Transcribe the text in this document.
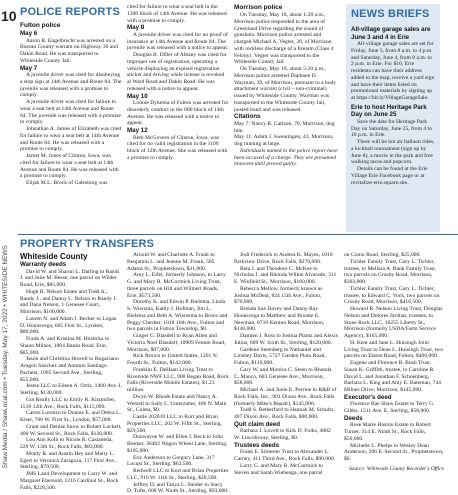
10
Shaw Media / ShawLocal.com • Tuesday, May 17, 2022 • WHITESIDE NEWS
POLICE REPORTS

Fulton police

May 6

Aaron R. Engelbrecht was arrested on a Bureau County warrant on Highway 30 and Dakin Road. He was transported to Whiteside County Jail.

May 7

A juvenile driver was cited for disobeying a stop sign at 14th Avenue and Route 84. The juvenile was released with a promise to comply.

A juvenile driver was cited for failure to wear a seat belt at 14th Avenue and Route 84. The juvenile was released with a promise to comply.

Johnathan A. James of Elizabeth was cited for failure to wear a seat belt at 14th Avenue and Route 84. He was released with a promise to comply.

Jarnet M. Jones of Clinton, Iowa, was cited for failure to wear a seat belt at 14th Avenue and Route 84. He was released with a promise to comply.

Elijah M.L. Brock of Galesburg was

cited for failure to wear a seat belt in the 1300 block of 14th Avenue. He was released with a promise to comply.

May 8

A juvenile driver was cited for no proof of insurance at 14th Avenue and Route 84. The juvenile was released with a notice to appear.

Douglas B. Diller of Albany was cited for improper use of registration, operating a vehicle displaying an expired registration sticker and driving while license is revoked at Ward Road and Dakin Road. He was released with a notice to appear.

May 10

Lonnie Dykema of Fulton was arrested for disorderly conduct in the 800 block of 14th Avenue. He was released with a notice to appear.

May 12

Beth McGovern of Clinton, Iowa, was cited for no valid registration in the 1100 block of 12th Avenue. She was released with a promise to comply.

Morrison police

On Tuesday, May 10, about 1:28 a.m., Morrison police responded to the area of Greenland Drive regarding the sound of gunshots. Morrison police arrested and charged Michael A. Vegter, 28, of Morrison with reckless discharge of a firearm (Class 4 Felony). Vegter was transported to the Whiteside County Jail.

On Tuesday, May 10, about 5:20 p.m., Morrison police arrested Daphnee D. Wayman, 39, of Morrison, pursuant to a body attachment warrant (civil – non-criminal) issued by Whiteside County. Wayman was transported to the Whiteside County Jail, posted bond and was released.

Citations

May 7: Nancy R. Carlson, 70, Morrison, dog bite.

May 11: Adam J. Swearingen, 43, Morrison, dog running at large.

Individuals named in the police report have been accused of a charge. They are presumed innocent until proved guilty.

NEWS BRIEFS

All-village garage sales are June 3 and 4 in Erie

All-village garage sales are set for Friday, June 3, from 8 a.m. to 4 p.m. and Saturday, June 4, from 8 a.m. to 2 p.m. in Erie. For $10, Erie residents can have their address added to the map, receive a yard sign and have their items listed on promotional materials by signing up at https://bit.ly/VillageGarageSale.

Erie to host Heritage Park Day on June 25

Save the date for Heritage Park Day on Saturday, June 25, from 4 to 10 p.m. in Erie.

There will be hot air balloon rides, a kickball tournament (sign up by June 8), a movie in the park and free walking tacos and popcorn.

Details can be found at the Erie Village Erie Facebook page or at revitalize-erie.square.site.

PROPERTY TRANSFERS

Whiteside County

Warranty deeds

David W. and Sharon L. Darling to Randi J. and Julie M. Besse, one parcel on Wilder Road, Erie, $85,000.

Hugh R. Nelson Estate and Todd A., Randy J., and Danny L. Nelson to Randy J. and Dana Nelson, 1 Genesee Court, Morrison, $160,000.

Lauren N. and Adam J. Becker to Logan D. Hounsvega, 605 First St., Lyndon, $80,000.

Frank A. and Kristina M. Hosticka to Shaun Milnes, 1884 Banks Road, Erie, $85,000.

Jason and Christina Howell to Rogaciano Aragon Sanchez and Antonio Santiago Pacheta, 1005 Second Ave., Sterling, $55,000.

Jestse LLC to Eileen A. Ortiz, 1400 Ave. I, Sterling, $130,000.

Got Really LLC to Emily R. Kitzmiller, 1518 12th Ave., Rock Falls, $115,000.

Carlos Lorenzo to Duaine E. and Debra L. Kiser, 706 W. First St., Lyndon, $57,000.

Grant and Denise Snow to Robert Lockett, 400 W. Second St., Rock Falls, $120,000.

Lou Ann Kolb to Nicole R. Castaneda, 229 W. 13th St., Rock Falls, $83,000.

Monty R. and Austin Hey and Marty L. Egert to Veronica Zaragoza, 117 First Ave., Sterling, $79,500.

JMS Land Development to Larry W. and Margaret Ebersold, 1216 Cardinal St., Rock Falls, $228,500.

Arnold W. and Charlotte A. Frank to Benjamin L. and Jeanne M. Frank, 505 Adams St., Prophetstown, $31,000.

Amy L. Eifel, formerly Johnson, to Larry G. and Mary R. McCormick Living Trust, three parcels on Hill and Wilmert Roads, Erie, $573,500.

Dorothy K. and Edwin P. Bielema, Linda S. Wiersma, Kathy J. Hofman, Jim L. Bielema and Beth A. Wiersema to Bruce and Peggy Chesher, 1018 16th Ave., Fulton and two parcels in Fulton Township, $0.

Ginger G. Blasdell to Ryan Allen and Victoria Noel Blasdell, 10909 Fenton Road, Morrison, $97,000.

Rick Brown to United States, 1201 N. Fourth St., Fulton, $142,000.

Franklin E. DeHaan Living Trust to Riverside NWF LLC, 900 Regan Road, Rock Falls (Riverside Mobile Estates), $1.23 million.

Dwyn W. Rhode Estate and Nancy A. Wetzell to Sally L. Unterzuber, 406 N. Main St., Coleta, $0.

Castle 202010 LLC to Kurt and Brian Properties LLC, 202 W. Fifth St., Sterling, $29,500.

Dunwayne W. and Ellen J. Beck to John Booker, 36402 Wagon Wheel Lane, Sterling, $195,000.

Eric Anderson to Gregory Lane, 317 Locust St., Sterling, $62,500.

Redwell LLC to Kurt and Brian Properties LLC, 910 W. 11th St., Sterling, $28,500.

Jeffrey D. and Tanya L. Steider to Stacy D. Tufts, 608 W. Ninth St., Sterling, $93,000.

Jodi Frederick to Andrea K. Mayes, 1010 Parkview Drive, Rock Falls, $270,000.

Reta J. and Theodore C. McKee to Nicholas J. and Rhonda Wilkie Alvarado, 311 E. Winfield St., Morrison, $160,000.

Rebecca Mellow, formerly known as Joshua McDeal, 824 15th Ave., Fulton, $70,000.

Brenda Sue Davey and Danny Ray Hounsvega to Matthew and Brooke E. Newman, 8710 Kenton Road, Morrison, $140,000.

Damien J. Ross to Joshua Plantz and Alexis Julius, 609 W. Sixth St., Sterling, $120,000.

Gardene Steenberg to Nathaniel and Lindsey Davis, 5727 Garden Plain Road, Fulton, $110,000.

Gary W. and Monica C. Steen to Rhonda C. Manco, 603 Genesee Ave., Morrison, $58,000.

Michael A. and Junie E. Perrine to R&B of Rock Falls, Inc., 901 Dixon Ave., Rock Falls (formerly Mike's Repair), $145,000.

Todd S. Retherford to Hannah M. Schultz, 407 Dixon Ave., Rock Falls, $90,000.

Quit claim deed

Barbara J. Lovell to Kirk D. Folks, 4002 W. Lincolnway, Sterling, $0.

Trustees deeds

Frank E. Simester Trust to Alexander L. Carney, 411 Third Ave., Rock Falls, $90,000.

Larry G. and Mary R. McCormick to Steven and Sarah Wiebenga, one parcel

on Como Road, Sterling, $25,000.

Tichler Family Trust, Gary L. Tichler, trustee, to Melissa A. Bank Family Trust, two parcels on Crosby Road, Morrison, $303,000.

Tichler Family Trust, Gary L. Tichler, trustee, to Edward C. Vock, two parcels on Crosby Road, Morrison, $416,500.

Howard R. Nelson Living Trust, Douglas Nelson and Dolores Struhar, trustees, to Stone Rock LLC, 16255 Liberty St., Morrison (formerly USDA/Farm Service Agency), $165,000.

H. Kent and Jane L. Huisingh Joint Living Trust to Dean L. Huisingh Trust, two parcels on Elston Road, Fulton, $400,000.

Eugene and Florence B. Bush Trust, Susan K. Griffith, trustee, to Caroline R. David L. and Jonathan F. Schoenberg, Barbara L. King and Amy E. Bateman, 744 Milnes Drive, Morrison, $145,000.

Executor's deed

Florence Rae Shaw Estate to Terry G. Gibbs, 1511 Ave. E, Sterling, $58,000.

Deeds

Rose Marie Huston Estate to Robert Turner, 314 E. Ninth St., Rock Falls, $50,000.

Michelle L. Phelps to Wesley Dean Anderson, 206 E. Second St., Prophetstown, $0.

Source: Whiteside County Recorder's Office
